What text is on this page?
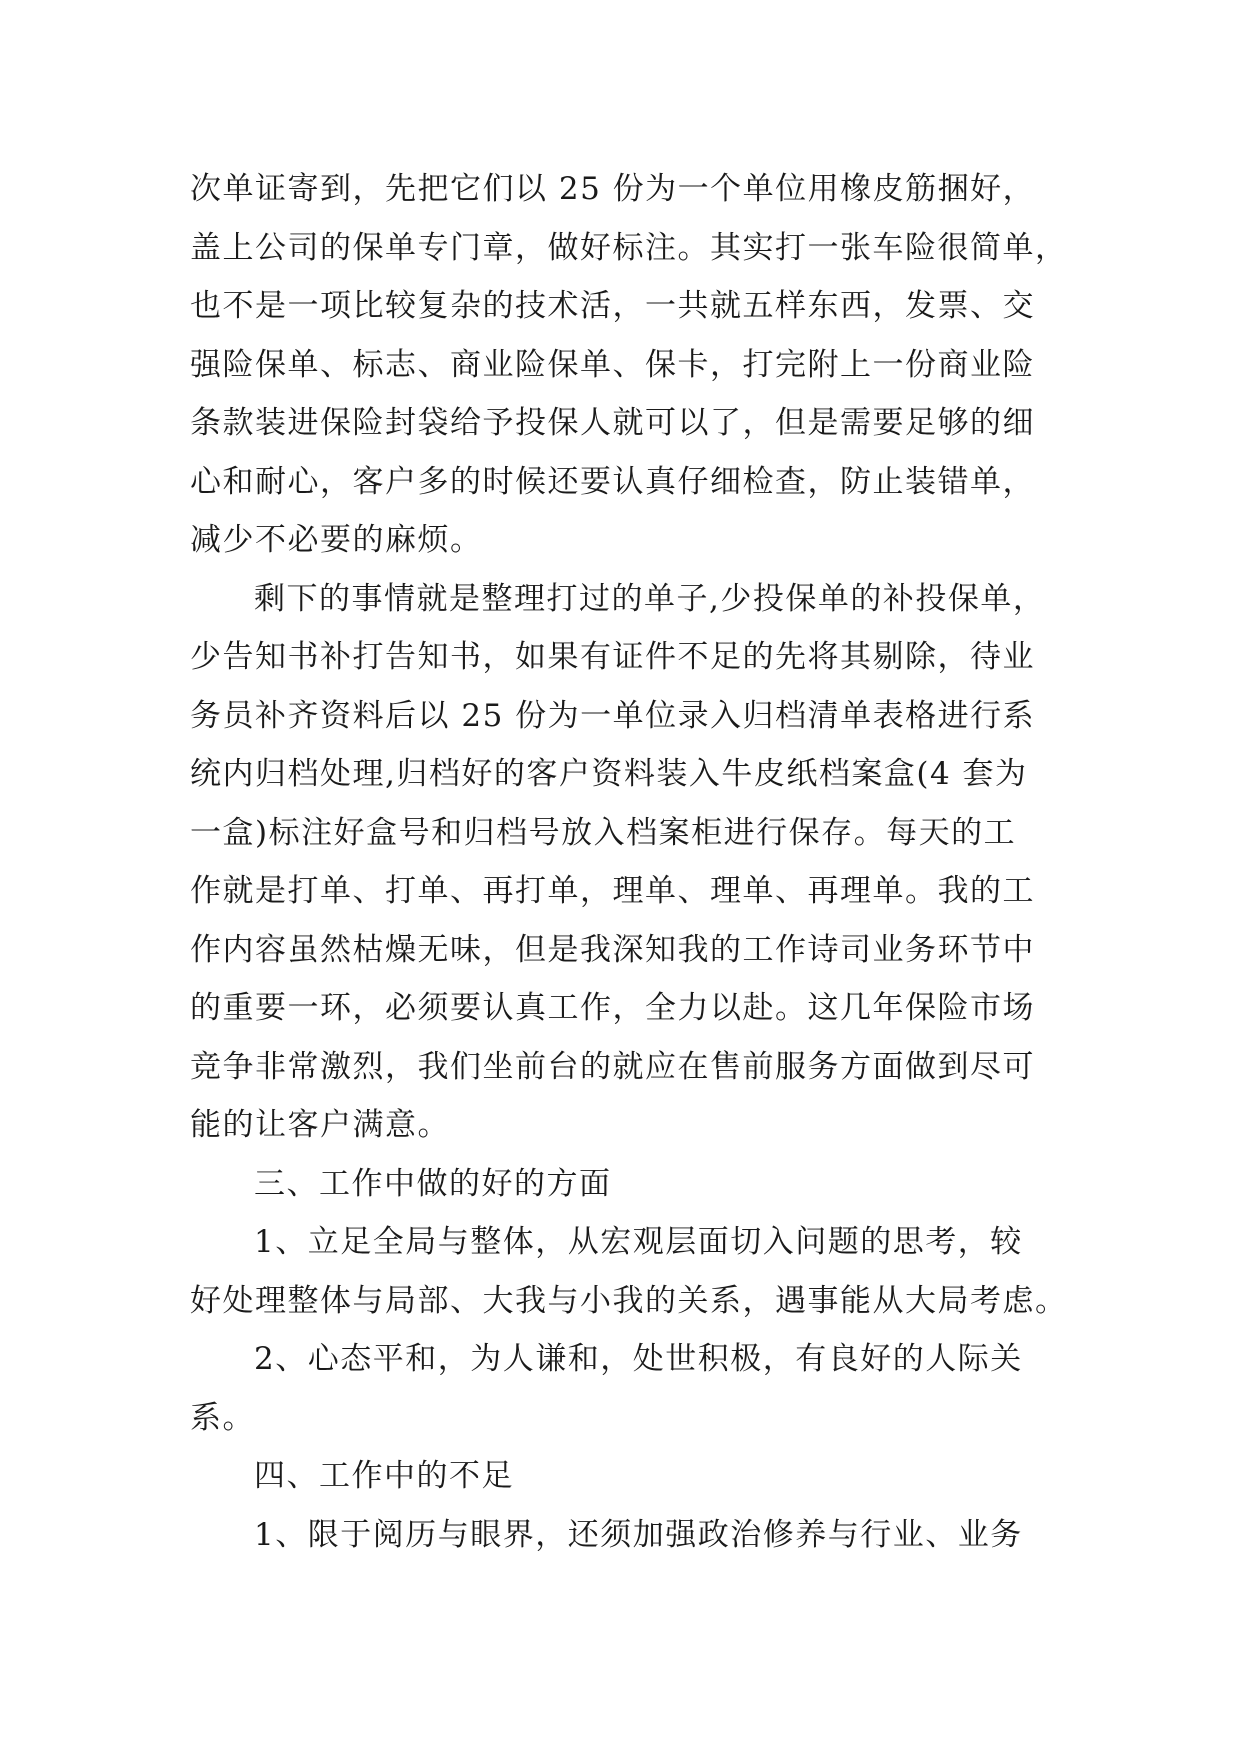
次单证寄到，先把它们以 25 份为一个单位用橡皮筋捆好，
盖上公司的保单专门章，做好标注。其实打一张车险很简单，
也不是一项比较复杂的技术活，一共就五样东西，发票、交
强险保单、标志、商业险保单、保卡，打完附上一份商业险
条款装进保险封袋给予投保人就可以了，但是需要足够的细
心和耐心，客户多的时候还要认真仔细检查，防止装错单，
减少不必要的麻烦。
剩下的事情就是整理打过的单子,少投保单的补投保单，
少告知书补打告知书，如果有证件不足的先将其剔除，待业
务员补齐资料后以 25 份为一单位录入归档清单表格进行系
统内归档处理,归档好的客户资料装入牛皮纸档案盒(4 套为
一盒)标注好盒号和归档号放入档案柜进行保存。每天的工
作就是打单、打单、再打单，理单、理单、再理单。我的工
作内容虽然枯燥无味，但是我深知我的工作诗司业务环节中
的重要一环，必须要认真工作，全力以赴。这几年保险市场
竞争非常激烈，我们坐前台的就应在售前服务方面做到尽可
能的让客户满意。
三、工作中做的好的方面
1、立足全局与整体，从宏观层面切入问题的思考，较
好处理整体与局部、大我与小我的关系，遇事能从大局考虑。
2、心态平和，为人谦和，处世积极，有良好的人际关
系。
四、工作中的不足
1、限于阅历与眼界，还须加强政治修养与行业、业务
